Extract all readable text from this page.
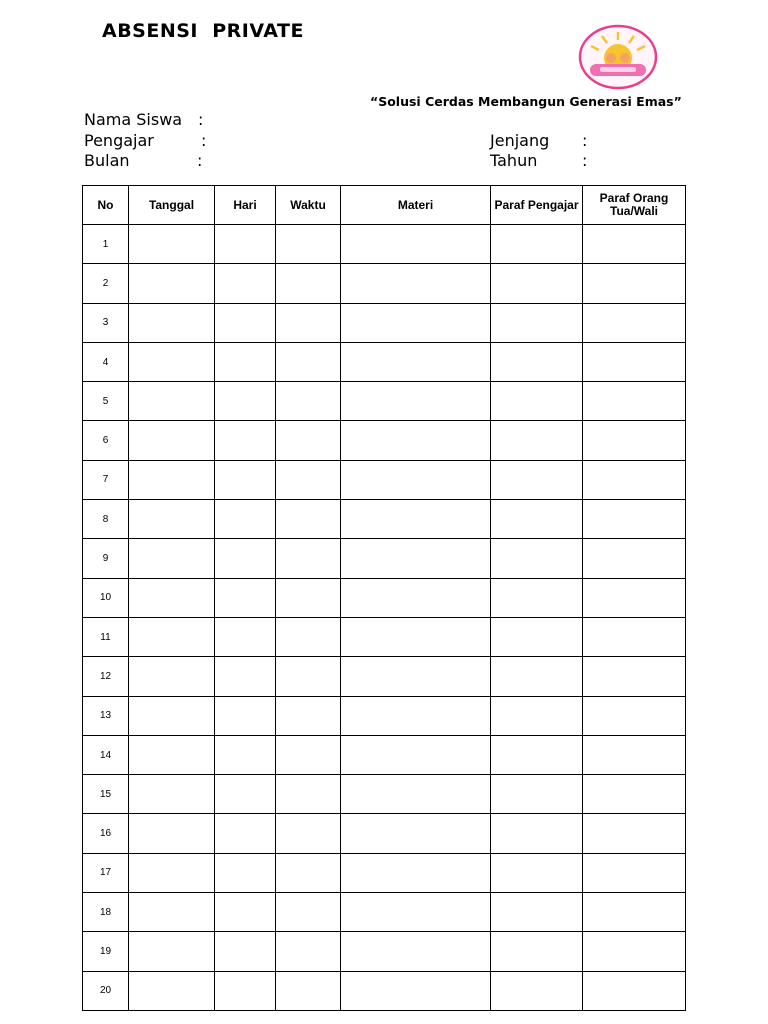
ABSENSI  PRIVATE
“Solusi Cerdas Membangun Generasi Emas”
Nama Siswa :
Pengajar	:
Bulan	:
Jenjang :
Tahun	:
No	Tanggal	Hari	Waktu	Materi	Paraf Pengajar	Paraf Orang Tua/Wali
1						
2						
3						
4						
5						
6						
7						
8						
9						
10						
11						
12						
13						
14						
15						
16						
17						
18						
19						
20						
